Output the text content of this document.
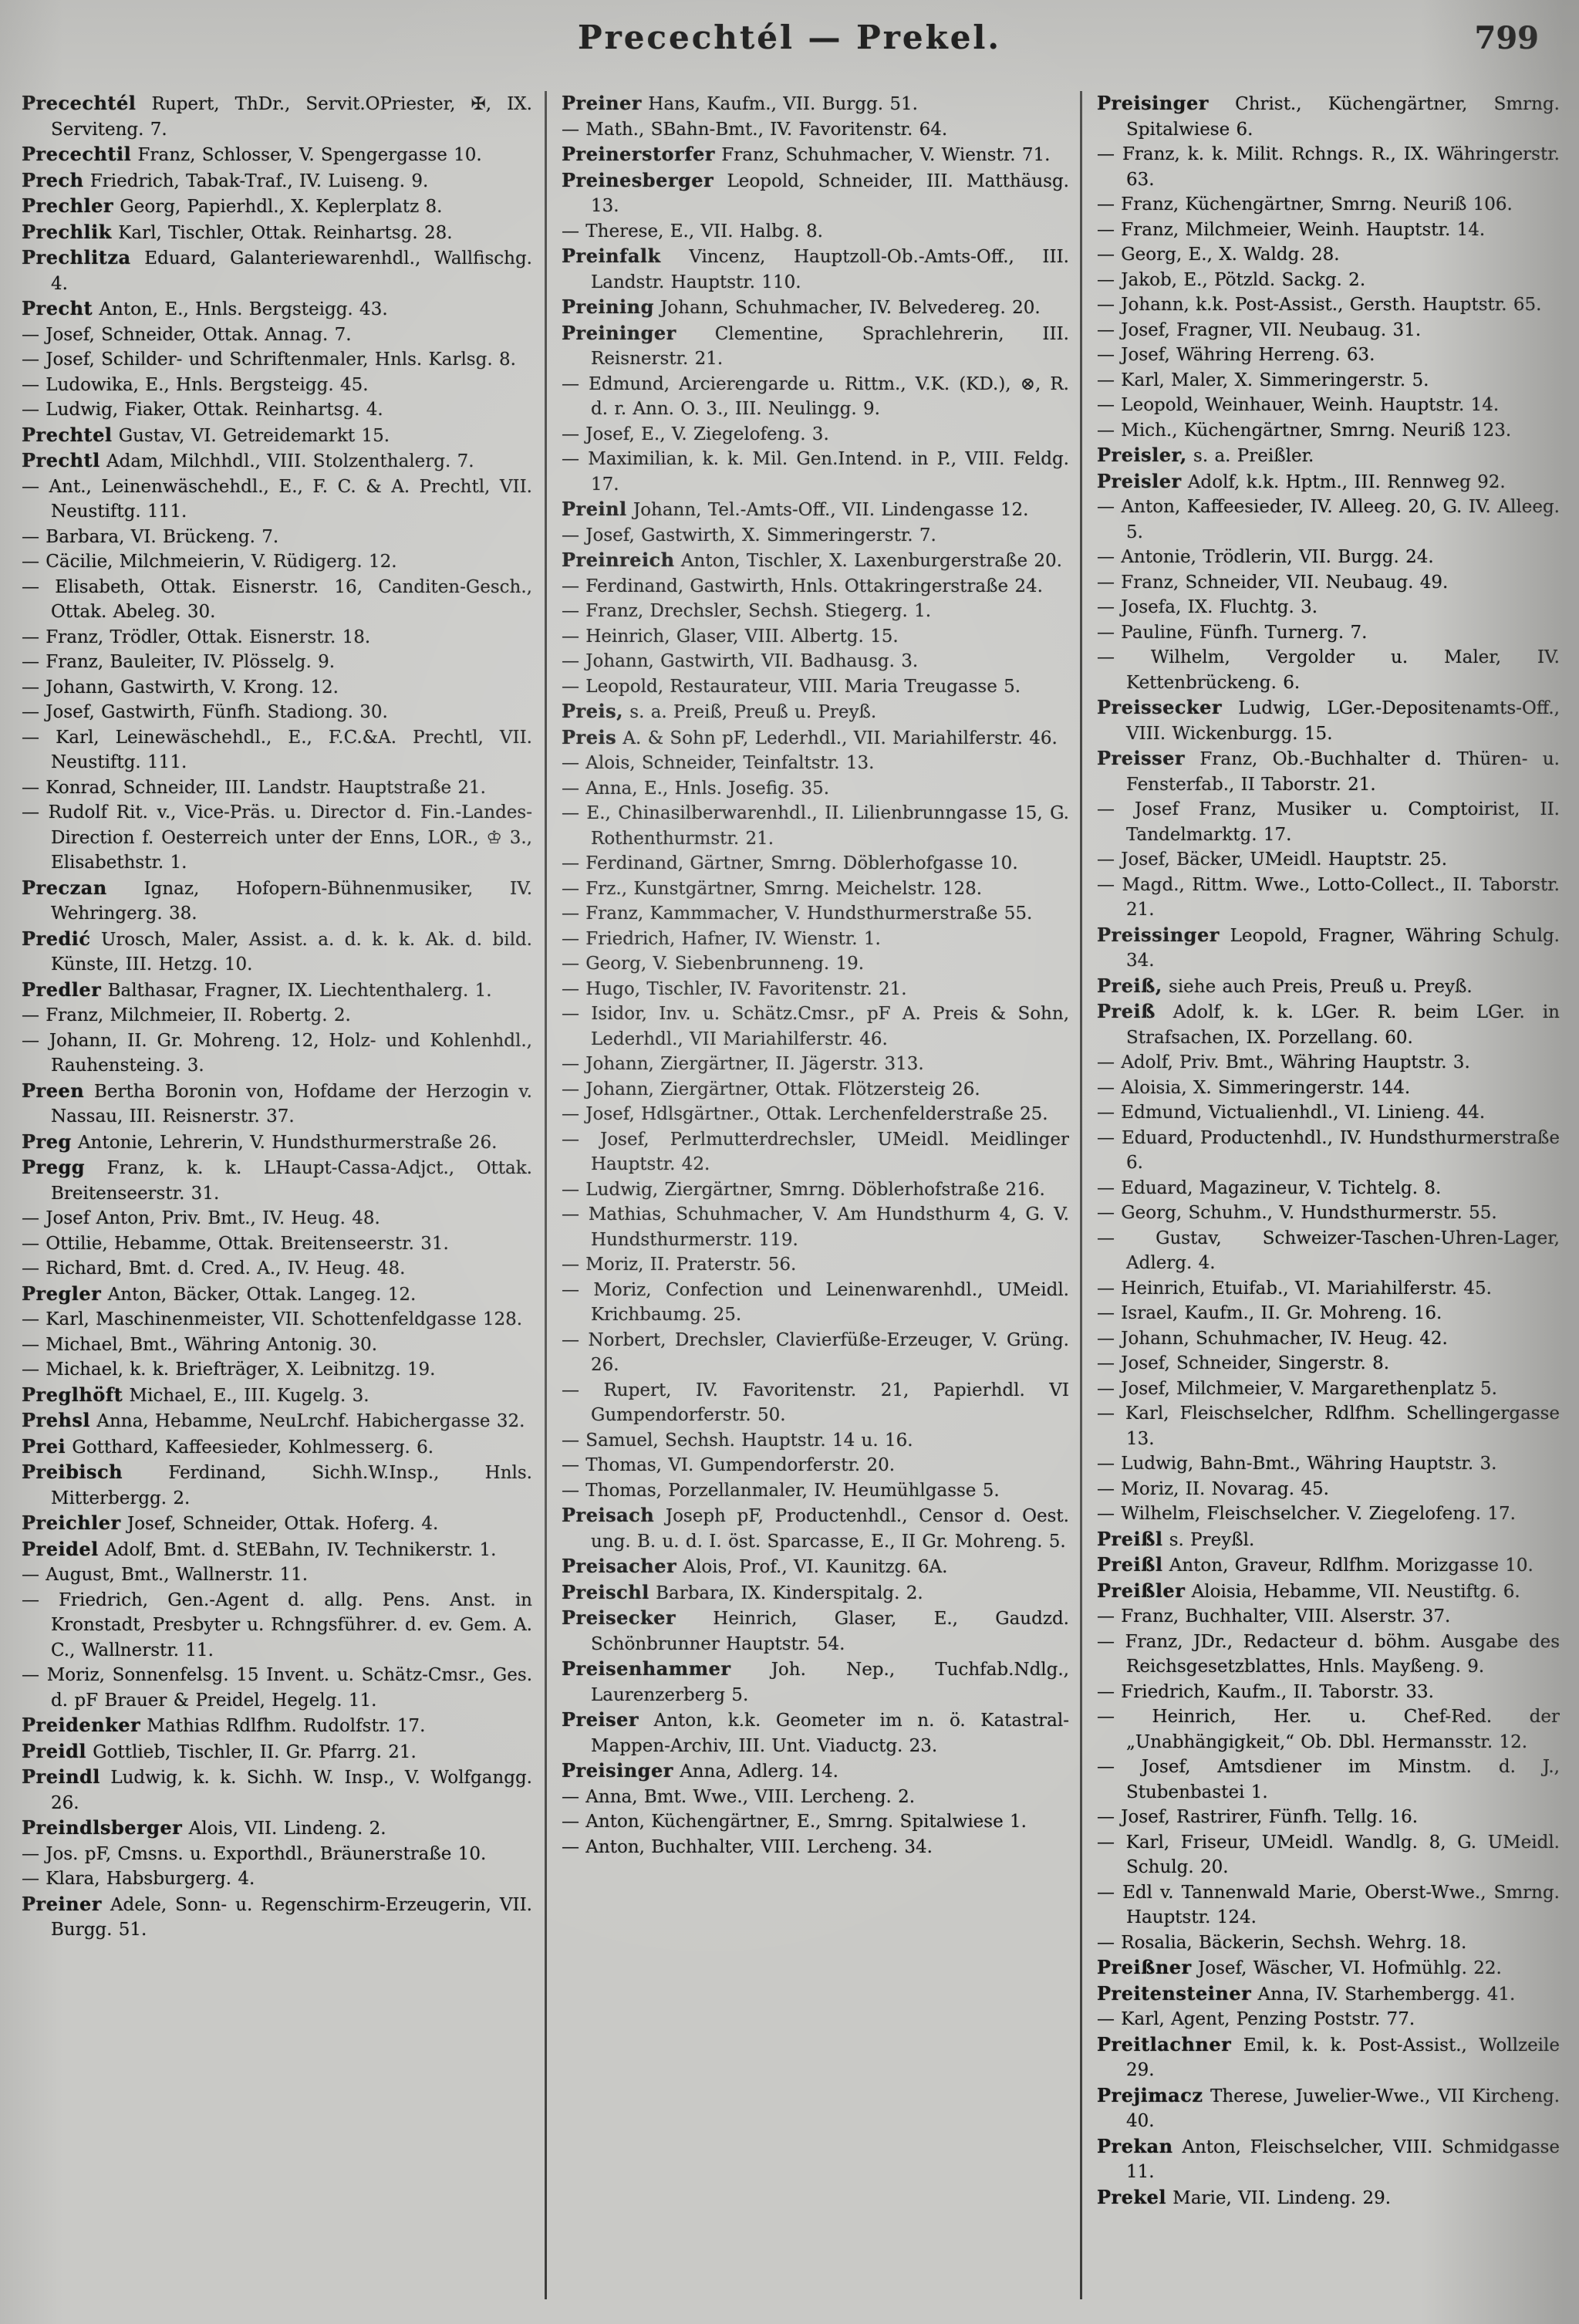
Precechtél — Prekel.	799

Precechtél Rupert, ThDr., Servit.OPriester, ✠, IX. Serviteng. 7.

Precechtil Franz, Schlosser, V. Spengergasse 10.

Prech Friedrich, Tabak-Traf., IV. Luiseng. 9.

Prechler Georg, Papierhdl., X. Keplerplatz 8.

Prechlik Karl, Tischler, Ottak. Reinhartsg. 28.

Prechlitza Eduard, Galanteriewarenhdl., Wallfischg. 4.

Precht Anton, E., Hnls. Bergsteigg. 43.

— Josef, Schneider, Ottak. Annag. 7.

— Josef, Schilder- und Schriftenmaler, Hnls. Karlsg. 8.

— Ludowika, E., Hnls. Bergsteigg. 45.

— Ludwig, Fiaker, Ottak. Reinhartsg. 4.

Prechtel Gustav, VI. Getreidemarkt 15.

Prechtl Adam, Milchhdl., VIII. Stolzenthalerg. 7.

— Ant., Leinenwäschehdl., E., F. C. & A. Prechtl, VII. Neustiftg. 111.

— Barbara, VI. Brückeng. 7.

— Cäcilie, Milchmeierin, V. Rüdigerg. 12.

— Elisabeth, Ottak. Eisnerstr. 16, Canditen-Gesch., Ottak. Abeleg. 30.

— Franz, Trödler, Ottak. Eisnerstr. 18.

— Franz, Bauleiter, IV. Plösselg. 9.

— Johann, Gastwirth, V. Krong. 12.

— Josef, Gastwirth, Fünfh. Stadiong. 30.

— Karl, Leinewäschehdl., E., F.C.&A. Prechtl, VII. Neustiftg. 111.

— Konrad, Schneider, III. Landstr. Hauptstraße 21.

— Rudolf Rit. v., Vice-Präs. u. Director d. Fin.-Landes-Direction f. Oesterreich unter der Enns, LOR., ♔ 3., Elisabethstr. 1.

Preczan Ignaz, Hofopern-Bühnenmusiker, IV. Wehringerg. 38.

Predić Urosch, Maler, Assist. a. d. k. k. Ak. d. bild. Künste, III. Hetzg. 10.

Predler Balthasar, Fragner, IX. Liechtenthalerg. 1.

— Franz, Milchmeier, II. Robertg. 2.

— Johann, II. Gr. Mohreng. 12, Holz- und Kohlenhdl., Rauhensteing. 3.

Preen Bertha Boronin von, Hofdame der Herzogin v. Nassau, III. Reisnerstr. 37.

Preg Antonie, Lehrerin, V. Hundsthurmerstraße 26.

Pregg Franz, k. k. LHaupt-Cassa-Adjct., Ottak. Breitenseerstr. 31.

— Josef Anton, Priv. Bmt., IV. Heug. 48.

— Ottilie, Hebamme, Ottak. Breitenseerstr. 31.

— Richard, Bmt. d. Cred. A., IV. Heug. 48.

Pregler Anton, Bäcker, Ottak. Langeg. 12.

— Karl, Maschinenmeister, VII. Schottenfeldgasse 128.

— Michael, Bmt., Währing Antonig. 30.

— Michael, k. k. Briefträger, X. Leibnitzg. 19.

Preglhöft Michael, E., III. Kugelg. 3.

Prehsl Anna, Hebamme, NeuLrchf. Habichergasse 32.

Prei Gotthard, Kaffeesieder, Kohlmesserg. 6.

Preibisch Ferdinand, Sichh.W.Insp., Hnls. Mitterbergg. 2.

Preichler Josef, Schneider, Ottak. Hoferg. 4.

Preidel Adolf, Bmt. d. StEBahn, IV. Technikerstr. 1.

— August, Bmt., Wallnerstr. 11.

— Friedrich, Gen.-Agent d. allg. Pens. Anst. in Kronstadt, Presbyter u. Rchngsführer. d. ev. Gem. A. C., Wallnerstr. 11.

— Moriz, Sonnenfelsg. 15 Invent. u. Schätz-Cmsr., Ges. d. pF Brauer & Preidel, Hegelg. 11.

Preidenker Mathias Rdlfhm. Rudolfstr. 17.

Preidl Gottlieb, Tischler, II. Gr. Pfarrg. 21.

Preindl Ludwig, k. k. Sichh. W. Insp., V. Wolfgangg. 26.

Preindlsberger Alois, VII. Lindeng. 2.

— Jos. pF, Cmsns. u. Exporthdl., Bräunerstraße 10.

— Klara, Habsburgerg. 4.

Preiner Adele, Sonn- u. Regenschirm-Erzeugerin, VII. Burgg. 51.

Preiner Hans, Kaufm., VII. Burgg. 51.

— Math., SBahn-Bmt., IV. Favoritenstr. 64.

Preinerstorfer Franz, Schuhmacher, V. Wienstr. 71.

Preinesberger Leopold, Schneider, III. Matthäusg. 13.

— Therese, E., VII. Halbg. 8.

Preinfalk Vincenz, Hauptzoll-Ob.-Amts-Off., III. Landstr. Hauptstr. 110.

Preining Johann, Schuhmacher, IV. Belvedereg. 20.

Preininger Clementine, Sprachlehrerin, III. Reisnerstr. 21.

— Edmund, Arcierengarde u. Rittm., V.K. (KD.), ⊗, R. d. r. Ann. O. 3., III. Neulingg. 9.

— Josef, E., V. Ziegelofeng. 3.

— Maximilian, k. k. Mil. Gen.Intend. in P., VIII. Feldg. 17.

Preinl Johann, Tel.-Amts-Off., VII. Lindengasse 12.

— Josef, Gastwirth, X. Simmeringerstr. 7.

Preinreich Anton, Tischler, X. Laxenburgerstraße 20.

— Ferdinand, Gastwirth, Hnls. Ottakringerstraße 24.

— Franz, Drechsler, Sechsh. Stiegerg. 1.

— Heinrich, Glaser, VIII. Albertg. 15.

— Johann, Gastwirth, VII. Badhausg. 3.

— Leopold, Restaurateur, VIII. Maria Treugasse 5.

Preis, s. a. Preiß, Preuß u. Preyß.

Preis A. & Sohn pF, Lederhdl., VII. Mariahilferstr. 46.

— Alois, Schneider, Teinfaltstr. 13.

— Anna, E., Hnls. Josefig. 35.

— E., Chinasilberwarenhdl., II. Lilienbrunngasse 15, G. Rothenthurmstr. 21.

— Ferdinand, Gärtner, Smrng. Döblerhofgasse 10.

— Frz., Kunstgärtner, Smrng. Meichelstr. 128.

— Franz, Kammmacher, V. Hundsthurmerstraße 55.

— Friedrich, Hafner, IV. Wienstr. 1.

— Georg, V. Siebenbrunneng. 19.

— Hugo, Tischler, IV. Favoritenstr. 21.

— Isidor, Inv. u. Schätz.Cmsr., pF A. Preis & Sohn, Lederhdl., VII Mariahilferstr. 46.

— Johann, Ziergärtner, II. Jägerstr. 313.

— Johann, Ziergärtner, Ottak. Flötzersteig 26.

— Josef, Hdlsgärtner., Ottak. Lerchenfelderstraße 25.

— Josef, Perlmutterdrechsler, UMeidl. Meidlinger Hauptstr. 42.

— Ludwig, Ziergärtner, Smrng. Döblerhofstraße 216.

— Mathias, Schuhmacher, V. Am Hundsthurm 4, G. V. Hundsthurmerstr. 119.

— Moriz, II. Praterstr. 56.

— Moriz, Confection und Leinenwarenhdl., UMeidl. Krichbaumg. 25.

— Norbert, Drechsler, Clavierfüße-Erzeuger, V. Grüng. 26.

— Rupert, IV. Favoritenstr. 21, Papierhdl. VI Gumpendorferstr. 50.

— Samuel, Sechsh. Hauptstr. 14 u. 16.

— Thomas, VI. Gumpendorferstr. 20.

— Thomas, Porzellanmaler, IV. Heumühlgasse 5.

Preisach Joseph pF, Productenhdl., Censor d. Oest. ung. B. u. d. I. öst. Sparcasse, E., II Gr. Mohreng. 5.

Preisacher Alois, Prof., VI. Kaunitzg. 6A.

Preischl Barbara, IX. Kinderspitalg. 2.

Preisecker Heinrich, Glaser, E., Gaudzd. Schönbrunner Hauptstr. 54.

Preisenhammer Joh. Nep., Tuchfab.Ndlg., Laurenzerberg 5.

Preiser Anton, k.k. Geometer im n. ö. Katastral-Mappen-Archiv, III. Unt. Viaductg. 23.

Preisinger Anna, Adlerg. 14.

— Anna, Bmt. Wwe., VIII. Lercheng. 2.

— Anton, Küchengärtner, E., Smrng. Spitalwiese 1.

— Anton, Buchhalter, VIII. Lercheng. 34.

Preisinger Christ., Küchengärtner, Smrng. Spitalwiese 6.

— Franz, k. k. Milit. Rchngs. R., IX. Währingerstr. 63.

— Franz, Küchengärtner, Smrng. Neuriß 106.

— Franz, Milchmeier, Weinh. Hauptstr. 14.

— Georg, E., X. Waldg. 28.

— Jakob, E., Pötzld. Sackg. 2.

— Johann, k.k. Post-Assist., Gersth. Hauptstr. 65.

— Josef, Fragner, VII. Neubaug. 31.

— Josef, Währing Herreng. 63.

— Karl, Maler, X. Simmeringerstr. 5.

— Leopold, Weinhauer, Weinh. Hauptstr. 14.

— Mich., Küchengärtner, Smrng. Neuriß 123.

Preisler, s. a. Preißler.

Preisler Adolf, k.k. Hptm., III. Rennweg 92.

— Anton, Kaffeesieder, IV. Alleeg. 20, G. IV. Alleeg. 5.

— Antonie, Trödlerin, VII. Burgg. 24.

— Franz, Schneider, VII. Neubaug. 49.

— Josefa, IX. Fluchtg. 3.

— Pauline, Fünfh. Turnerg. 7.

— Wilhelm, Vergolder u. Maler, IV. Kettenbrückeng. 6.

Preissecker Ludwig, LGer.-Depositenamts-Off., VIII. Wickenburgg. 15.

Preisser Franz, Ob.-Buchhalter d. Thüren- u. Fensterfab., II Taborstr. 21.

— Josef Franz, Musiker u. Comptoirist, II. Tandelmarktg. 17.

— Josef, Bäcker, UMeidl. Hauptstr. 25.

— Magd., Rittm. Wwe., Lotto-Collect., II. Taborstr. 21.

Preissinger Leopold, Fragner, Währing Schulg. 34.

Preiß, siehe auch Preis, Preuß u. Preyß.

Preiß Adolf, k. k. LGer. R. beim LGer. in Strafsachen, IX. Porzellang. 60.

— Adolf, Priv. Bmt., Währing Hauptstr. 3.

— Aloisia, X. Simmeringerstr. 144.

— Edmund, Victualienhdl., VI. Linieng. 44.

— Eduard, Productenhdl., IV. Hundsthurmerstraße 6.

— Eduard, Magazineur, V. Tichtelg. 8.

— Georg, Schuhm., V. Hundsthurmerstr. 55.

— Gustav, Schweizer-Taschen-Uhren-Lager, Adlerg. 4.

— Heinrich, Etuifab., VI. Mariahilferstr. 45.

— Israel, Kaufm., II. Gr. Mohreng. 16.

— Johann, Schuhmacher, IV. Heug. 42.

— Josef, Schneider, Singerstr. 8.

— Josef, Milchmeier, V. Margarethenplatz 5.

— Karl, Fleischselcher, Rdlfhm. Schellingergasse 13.

— Ludwig, Bahn-Bmt., Währing Hauptstr. 3.

— Moriz, II. Novarag. 45.

— Wilhelm, Fleischselcher. V. Ziegelofeng. 17.

Preißl s. Preyßl.

Preißl Anton, Graveur, Rdlfhm. Morizgasse 10.

Preißler Aloisia, Hebamme, VII. Neustiftg. 6.

— Franz, Buchhalter, VIII. Alserstr. 37.

— Franz, JDr., Redacteur d. böhm. Ausgabe des Reichsgesetzblattes, Hnls. Mayßeng. 9.

— Friedrich, Kaufm., II. Taborstr. 33.

— Heinrich, Her. u. Chef-Red. der „Unabhängigkeit,“ Ob. Dbl. Hermansstr. 12.

— Josef, Amtsdiener im Minstm. d. J., Stubenbastei 1.

— Josef, Rastrirer, Fünfh. Tellg. 16.

— Karl, Friseur, UMeidl. Wandlg. 8, G. UMeidl. Schulg. 20.

— Edl v. Tannenwald Marie, Oberst-Wwe., Smrng. Hauptstr. 124.

— Rosalia, Bäckerin, Sechsh. Wehrg. 18.

Preißner Josef, Wäscher, VI. Hofmühlg. 22.

Preitensteiner Anna, IV. Starhembergg. 41.

— Karl, Agent, Penzing Poststr. 77.

Preitlachner Emil, k. k. Post-Assist., Wollzeile 29.

Prejimacz Therese, Juwelier-Wwe., VII Kircheng. 40.

Prekan Anton, Fleischselcher, VIII. Schmidgasse 11.

Prekel Marie, VII. Lindeng. 29.
